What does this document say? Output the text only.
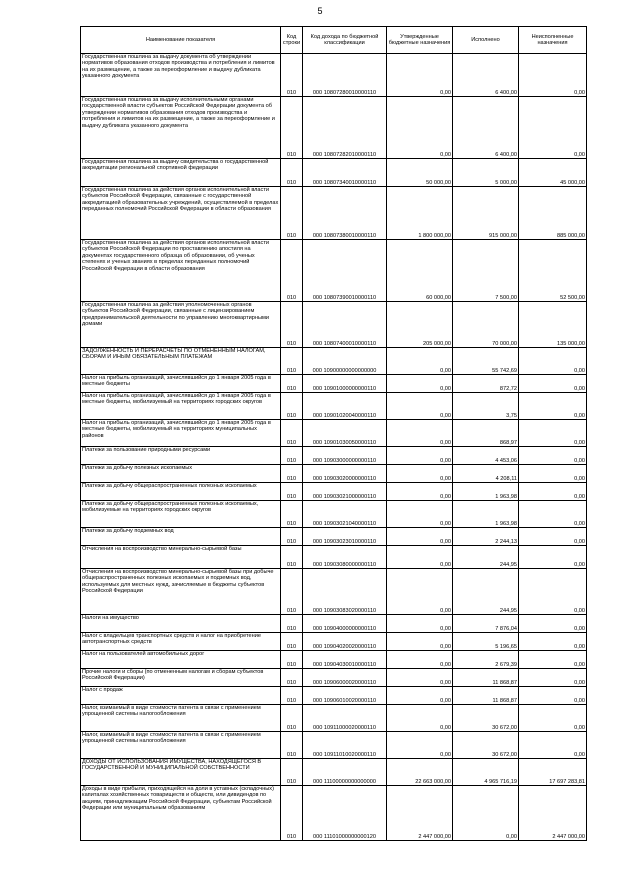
5
Наименование показателя	Код строки	Код дохода по бюджетной классификации	Утвержденные бюджетные назначения	Исполнено	Неисполненные назначения
Государственная пошлина за выдачу документа об утверждении нормативов образования отходов производства и потребления и лимитов на их размещение, а также за переоформление и выдачу дубликата указанного документа	010	000 10807280010000110	0,00	6 400,00	0,00
Государственная пошлина за выдачу исполнительными органами государственной власти субъектов Российской Федерации документа об утверждении нормативов образования отходов производства и потребления и лимитов на их размещение, а также за переоформление и выдачу дубликата указанного документа	010	000 10807282010000110	0,00	6 400,00	0,00
Государственная пошлина за выдачу свидетельства о государственной аккредитации региональной спортивной федерации	010	000 10807340010000110	50 000,00	5 000,00	45 000,00
Государственная пошлина за действия органов исполнительной власти субъектов Российской Федерации, связанные с государственной аккредитацией образовательных учреждений, осуществляемой в пределах переданных полномочий Российской Федерации в области образования	010	000 10807380010000110	1 800 000,00	915 000,00	885 000,00
Государственная пошлина за действия органов исполнительной власти субъектов Российской Федерации по проставлению апостиля на документах государственного образца об образовании, об ученых степенях и ученых званиях в пределах переданных полномочий Российской Федерации в области образования	010	000 10807390010000110	60 000,00	7 500,00	52 500,00
Государственная пошлина за действия уполномоченных органов субъектов Российской Федерации, связанные с лицензированием предпринимательской деятельности по управлению многоквартирными домами	010	000 10807400010000110	205 000,00	70 000,00	135 000,00
ЗАДОЛЖЕННОСТЬ И ПЕРЕРАСЧЕТЫ ПО ОТМЕНЕННЫМ НАЛОГАМ, СБОРАМ И ИНЫМ ОБЯЗАТЕЛЬНЫМ ПЛАТЕЖАМ	010	000 10900000000000000	0,00	55 742,69	0,00
Налог на прибыль организаций, зачислявшийся до 1 января 2005 года в местные бюджеты	010	000 10901000000000110	0,00	872,72	0,00
Налог на прибыль организаций, зачислявшийся до 1 января 2005 года в местные бюджеты, мобилизуемый на территориях городских округов	010	000 10901020040000110	0,00	3,75	0,00
Налог на прибыль организаций, зачислявшийся до 1 января 2005 года в местные бюджеты, мобилизуемый на территориях муниципальных районов	010	000 10901030050000110	0,00	868,97	0,00
Платежи за пользование природными ресурсами	010	000 10903000000000110	0,00	4 453,06	0,00
Платежи за добычу полезных ископаемых	010	000 10903020000000110	0,00	4 208,11	0,00
Платежи за добычу общераспространенных полезных ископаемых	010	000 10903021000000110	0,00	1 963,98	0,00
Платежи за добычу общераспространенных полезных ископаемых, мобилизуемые на территориях городских округов	010	000 10903021040000110	0,00	1 963,98	0,00
Платежи за добычу подземных вод	010	000 10903023010000110	0,00	2 244,13	0,00
Отчисления на воспроизводство минерально-сырьевой базы	010	000 10903080000000110	0,00	244,95	0,00
Отчисления на воспроизводство минерально-сырьевой базы при добыче общераспространенных полезных ископаемых и подземных вод, используемых для местных нужд, зачисляемые в бюджеты субъектов Российской Федерации	010	000 10903083020000110	0,00	244,95	0,00
Налоги на имущество	010	000 10904000000000110	0,00	7 876,04	0,00
Налог с владельцев транспортных средств и налог на приобретение автотранспортных средств	010	000 10904020020000110	0,00	5 196,65	0,00
Налог на пользователей автомобильных дорог	010	000 10904030010000110	0,00	2 679,39	0,00
Прочие налоги и сборы (по отмененным налогам и сборам субъектов Российской Федерации)	010	000 10906000020000110	0,00	11 868,87	0,00
Налог с продаж	010	000 10906010020000110	0,00	11 868,87	0,00
Налог, взимаемый в виде стоимости патента в связи с применением упрощенной системы налогообложения	010	000 10911000020000110	0,00	30 672,00	0,00
Налог, взимаемый в виде стоимости патента в связи с применением упрощенной системы налогообложения	010	000 10911010020000110	0,00	30 672,00	0,00
ДОХОДЫ ОТ ИСПОЛЬЗОВАНИЯ ИМУЩЕСТВА, НАХОДЯЩЕГОСЯ В ГОСУДАРСТВЕННОЙ И МУНИЦИПАЛЬНОЙ СОБСТВЕННОСТИ	010	000 11100000000000000	22 663 000,00	4 965 716,19	17 697 283,81
Доходы в виде прибыли, приходящейся на доли в уставных (складочных) капиталах хозяйственных товариществ и обществ, или дивидендов по акциям, принадлежащим Российской Федерации, субъектам Российской Федерации или муниципальным образованиям	010	000 11101000000000120	2 447 000,00	0,00	2 447 000,00
